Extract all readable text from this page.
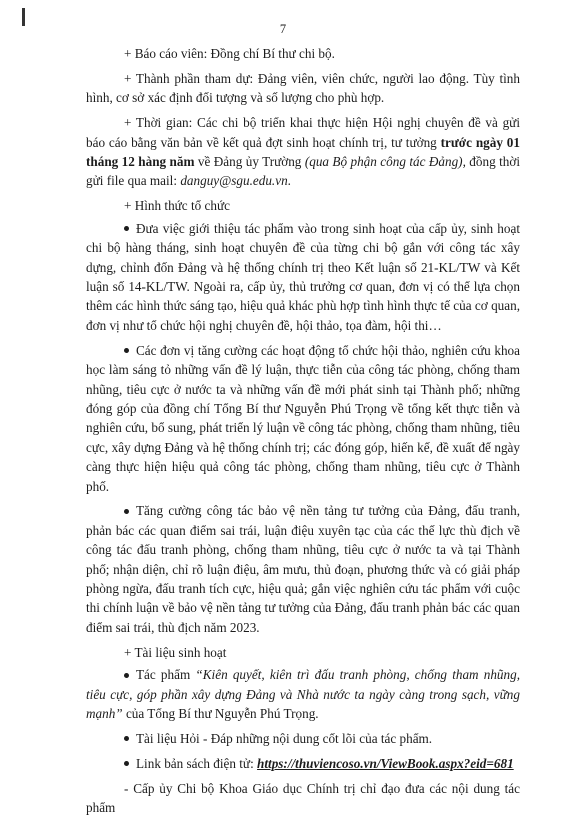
7

+ Báo cáo viên: Đồng chí Bí thư chi bộ.

+ Thành phần tham dự: Đảng viên, viên chức, người lao động. Tùy tình hình, cơ sở xác định đối tượng và số lượng cho phù hợp.

+ Thời gian: Các chi bộ triển khai thực hiện Hội nghị chuyên đề và gửi báo cáo bằng văn bản về kết quả đợt sinh hoạt chính trị, tư tưởng trước ngày 01 tháng 12 hàng năm về Đảng ủy Trường (qua Bộ phận công tác Đảng), đồng thời gửi file qua mail: danguy@sgu.edu.vn.

+ Hình thức tổ chức

Đưa việc giới thiệu tác phẩm vào trong sinh hoạt của cấp ủy, sinh hoạt chi bộ hàng tháng, sinh hoạt chuyên đề của từng chi bộ gắn với công tác xây dựng, chỉnh đốn Đảng và hệ thống chính trị theo Kết luận số 21-KL/TW và Kết luận số 14-KL/TW. Ngoài ra, cấp ủy, thủ trưởng cơ quan, đơn vị có thể lựa chọn thêm các hình thức sáng tạo, hiệu quả khác phù hợp tình hình thực tế của cơ quan, đơn vị như tổ chức hội nghị chuyên đề, hội thảo, tọa đàm, hội thi…

Các đơn vị tăng cường các hoạt động tổ chức hội thảo, nghiên cứu khoa học làm sáng tỏ những vấn đề lý luận, thực tiễn của công tác phòng, chống tham nhũng, tiêu cực ở nước ta và những vấn đề mới phát sinh tại Thành phố; những đóng góp của đồng chí Tổng Bí thư Nguyễn Phú Trọng về tổng kết thực tiễn và nghiên cứu, bổ sung, phát triển lý luận về công tác phòng, chống tham nhũng, tiêu cực, xây dựng Đảng và hệ thống chính trị; các đóng góp, hiến kế, đề xuất để ngày càng thực hiện hiệu quả công tác phòng, chống tham nhũng, tiêu cực ở Thành phố.

Tăng cường công tác bảo vệ nền tảng tư tưởng của Đảng, đấu tranh, phản bác các quan điểm sai trái, luận điệu xuyên tạc của các thế lực thù địch về công tác đấu tranh phòng, chống tham nhũng, tiêu cực ở nước ta và tại Thành phố; nhận diện, chỉ rõ luận điệu, âm mưu, thủ đoạn, phương thức và có giải pháp phòng ngừa, đấu tranh tích cực, hiệu quả; gắn việc nghiên cứu tác phẩm với cuộc thi chính luận về bảo vệ nền tảng tư tưởng của Đảng, đấu tranh phản bác các quan điểm sai trái, thù địch năm 2023.

+ Tài liệu sinh hoạt

Tác phẩm “Kiên quyết, kiên trì đấu tranh phòng, chống tham nhũng, tiêu cực, góp phần xây dựng Đảng và Nhà nước ta ngày càng trong sạch, vững mạnh” của Tổng Bí thư Nguyễn Phú Trọng.

Tài liệu Hỏi - Đáp những nội dung cốt lõi của tác phẩm.

Link bản sách điện tử: https://thuviencoso.vn/ViewBook.aspx?eid=681

- Cấp ủy Chi bộ Khoa Giáo dục Chính trị chỉ đạo đưa các nội dung tác phẩm
